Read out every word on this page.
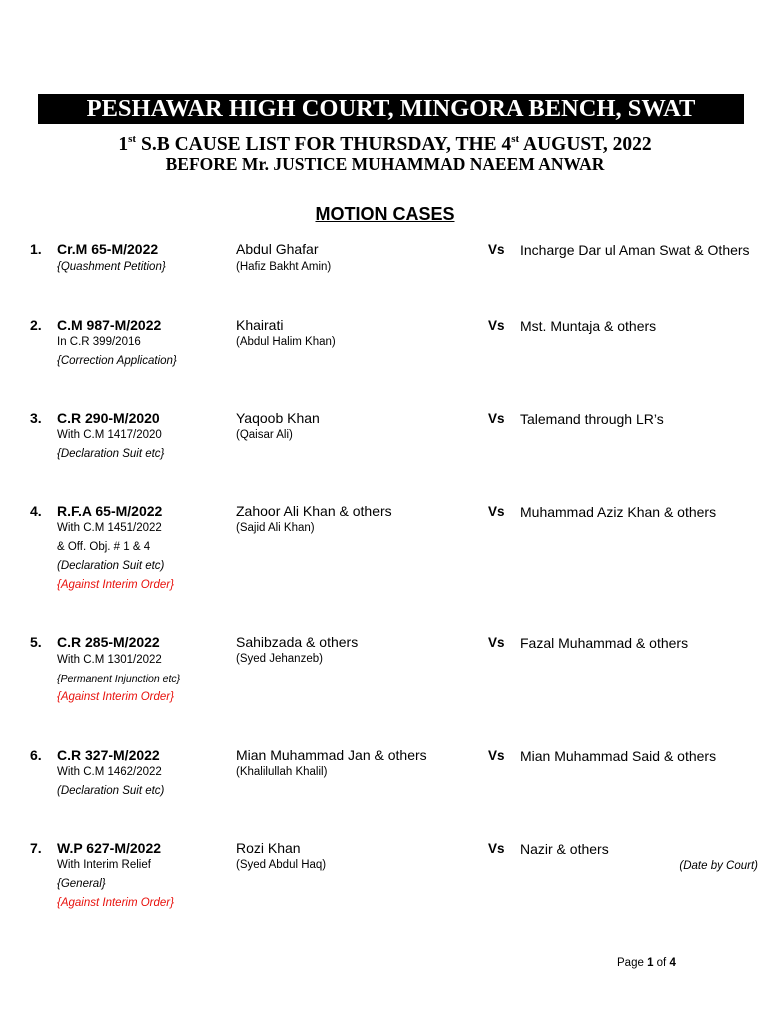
PESHAWAR HIGH COURT, MINGORA BENCH, SWAT
1st S.B CAUSE LIST FOR THURSDAY, THE 4st AUGUST, 2022
BEFORE Mr. JUSTICE MUHAMMAD NAEEM ANWAR
MOTION CASES
1. Cr.M 65-M/2022
{Quashment Petition}
Abdul Ghafar
(Hafiz Bakht Amin)
Vs Incharge Dar ul Aman Swat & Others
2. C.M 987-M/2022
In C.R 399/2016
{Correction Application}
Khairati
(Abdul Halim Khan)
Vs Mst. Muntaja & others
3. C.R 290-M/2020
With C.M 1417/2020
{Declaration Suit etc}
Yaqoob Khan
(Qaisar Ali)
Vs Talemand through LR’s
4. R.F.A 65-M/2022
With C.M 1451/2022
& Off. Obj. # 1 & 4
(Declaration Suit etc)
{Against Interim Order}
Zahoor Ali Khan & others
(Sajid Ali Khan)
Vs Muhammad Aziz Khan & others
5. C.R 285-M/2022
With C.M 1301/2022
{Permanent Injunction etc}
{Against Interim Order}
Sahibzada & others
(Syed Jehanzeb)
Vs Fazal Muhammad & others
6. C.R 327-M/2022
With C.M 1462/2022
(Declaration Suit etc)
Mian Muhammad Jan & others
(Khalilullah Khalil)
Vs Mian Muhammad Said & others
7. W.P 627-M/2022
With Interim Relief
{General}
{Against Interim Order}
Rozi Khan
(Syed Abdul Haq)
Vs Nazir & others
(Date by Court)
Page 1 of 4
